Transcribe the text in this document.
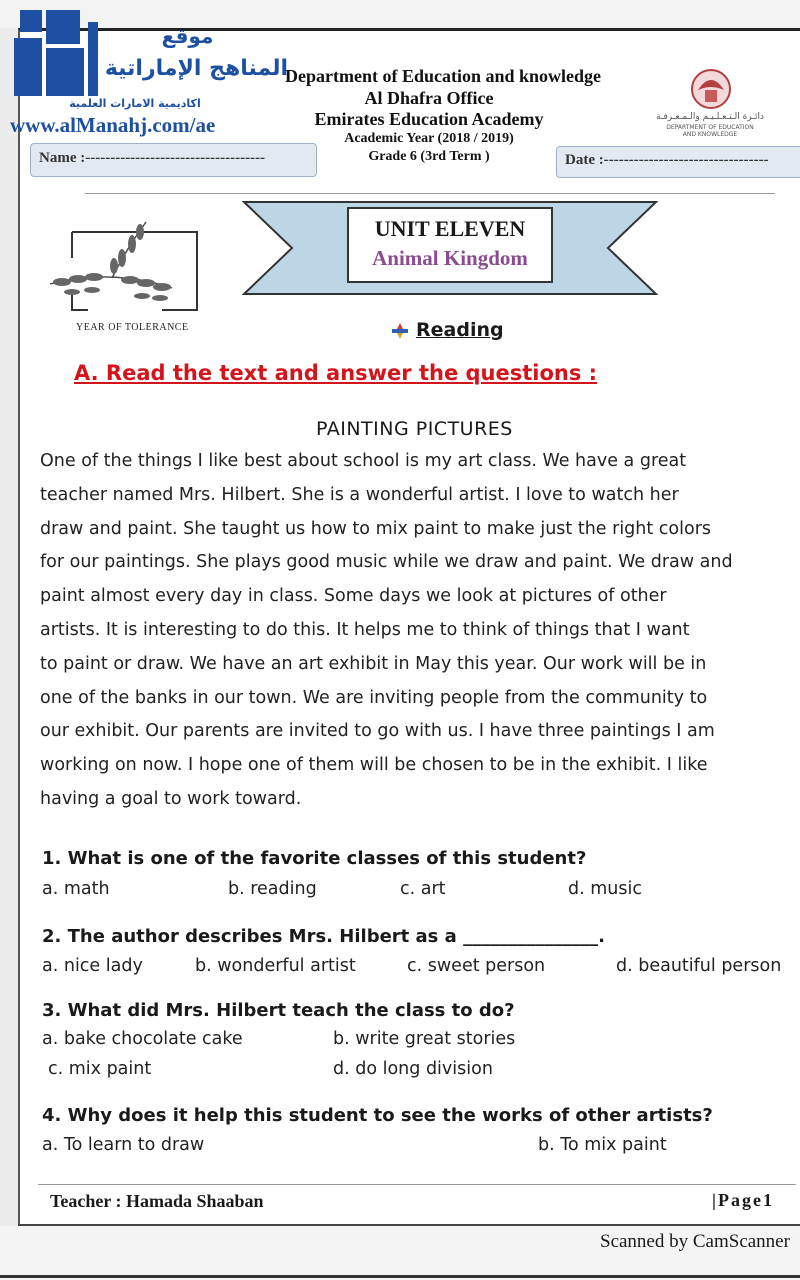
موقع
المناهج الإماراتية
اكاديمية الامارات العلمية
www.alManahj.com/ae
Department of Education and knowledge
Al Dhafra Office
Emirates Education Academy
Academic Year (2018 / 2019)
Grade 6 (3rd Term )
دائـرة الـتـعـلـيـم والـمـعـرفـة
DEPARTMENT OF EDUCATION
AND KNOWLEDGE
Name :------------------------------------	Date :---------------------------------
YEAR OF TOLERANCE
UNIT ELEVEN
Animal Kingdom
Reading
A. Read the text and answer the questions :
PAINTING PICTURES
One of the things I like best about school is my art class. We have a great
teacher named Mrs. Hilbert. She is a wonderful artist. I love to watch her
draw and paint. She taught us how to mix paint to make just the right colors
for our paintings. She plays good music while we draw and paint. We draw and
paint almost every day in class. Some days we look at pictures of other
artists. It is interesting to do this. It helps me to think of things that I want
to paint or draw. We have an art exhibit in May this year. Our work will be in
one of the banks in our town. We are inviting people from the community to
our exhibit. Our parents are invited to go with us. I have three paintings I am
working on now. I hope one of them will be chosen to be in the exhibit. I like
having a goal to work toward.
1. What is one of the favorite classes of this student?
a. math	b. reading	c. art	d. music
2. The author describes Mrs. Hilbert as a _______________.
a. nice lady	b. wonderful artist	c. sweet person	d. beautiful person
3. What did Mrs. Hilbert teach the class to do?
a. bake chocolate cake	b. write great stories
c. mix paint	d. do long division
4. Why does it help this student to see the works of other artists?
a. To learn to draw	b. To mix paint
Teacher : Hamada Shaaban	|Page1
Scanned by CamScanner
